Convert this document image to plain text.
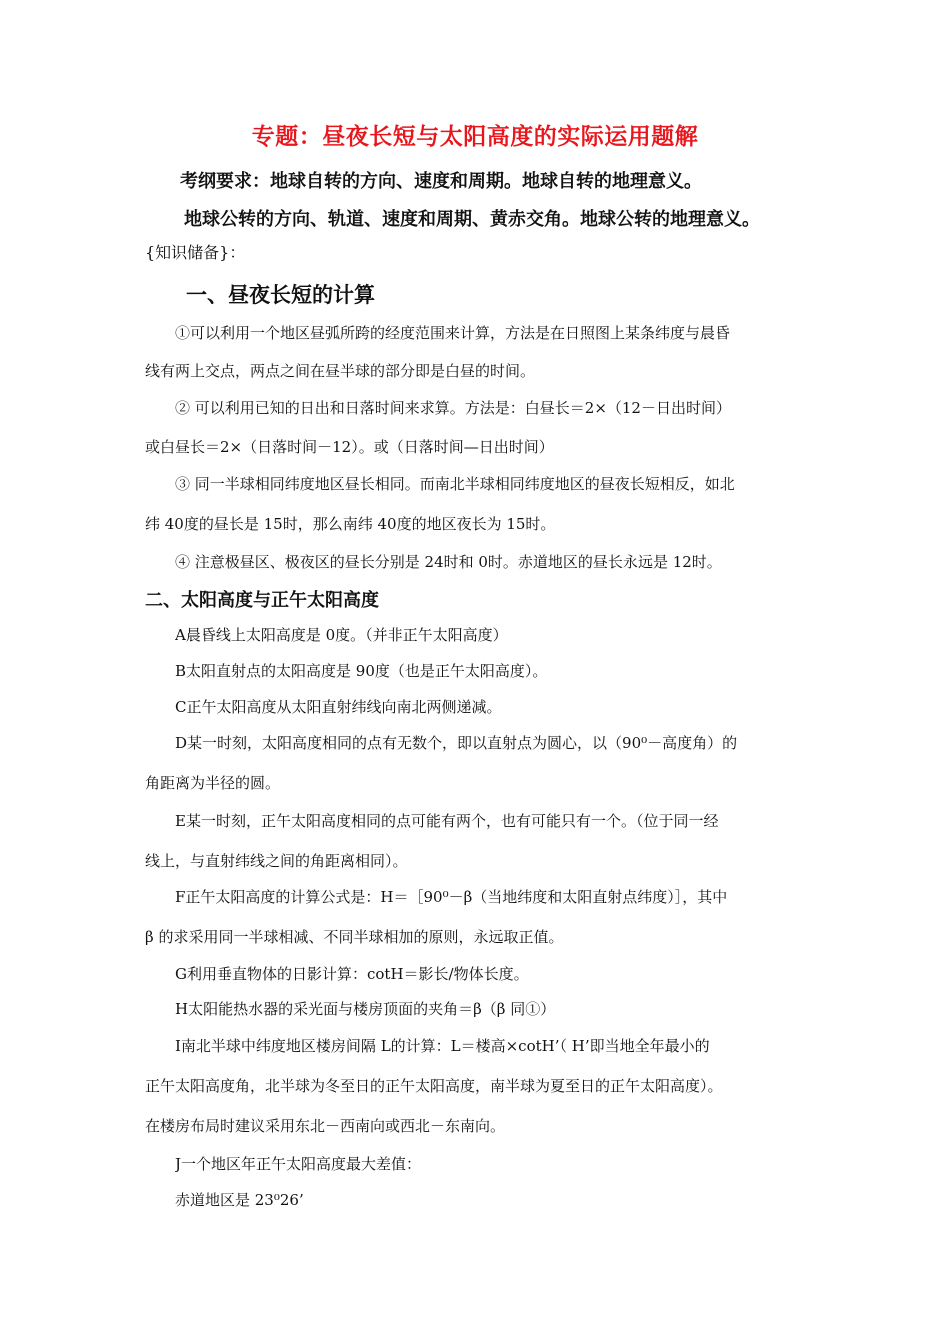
专题：昼夜长短与太阳高度的实际运用题解
考纲要求：地球自转的方向、速度和周期。地球自转的地理意义。
地球公转的方向、轨道、速度和周期、黄赤交角。地球公转的地理意义。
{知识储备}：
一、昼夜长短的计算
①可以利用一个地区昼弧所跨的经度范围来计算，方法是在日照图上某条纬度与晨昏
线有两上交点，两点之间在昼半球的部分即是白昼的时间。
② 可以利用已知的日出和日落时间来求算。方法是：白昼长＝2×（12－日出时间）
或白昼长＝2×（日落时间－12）。或（日落时间—日出时间）
③ 同一半球相同纬度地区昼长相同。而南北半球相同纬度地区的昼夜长短相反，如北
纬 40度的昼长是 15时，那么南纬 40度的地区夜长为 15时。
④ 注意极昼区、极夜区的昼长分别是 24时和 0时。赤道地区的昼长永远是 12时。
二、太阳高度与正午太阳高度
A晨昏线上太阳高度是 0度。（并非正午太阳高度）
B太阳直射点的太阳高度是 90度（也是正午太阳高度）。
C正午太阳高度从太阳直射纬线向南北两侧递减。
D某一时刻，太阳高度相同的点有无数个，即以直射点为圆心，以（90⁰－高度角）的
角距离为半径的圆。
E某一时刻，正午太阳高度相同的点可能有两个，也有可能只有一个。（位于同一经
线上，与直射纬线之间的角距离相同）。
F正午太阳高度的计算公式是：H＝［90⁰－β（当地纬度和太阳直射点纬度）］，其中
β 的求采用同一半球相减、不同半球相加的原则，永远取正值。
G利用垂直物体的日影计算：cotH＝影长/物体长度。
H太阳能热水器的采光面与楼房顶面的夹角＝β（β 同①）
I南北半球中纬度地区楼房间隔 L的计算：L＝楼高×cotH’（ H’即当地全年最小的
正午太阳高度角，北半球为冬至日的正午太阳高度，南半球为夏至日的正午太阳高度）。
在楼房布局时建议采用东北－西南向或西北－东南向。
J一个地区年正午太阳高度最大差值：
赤道地区是 23⁰26’
